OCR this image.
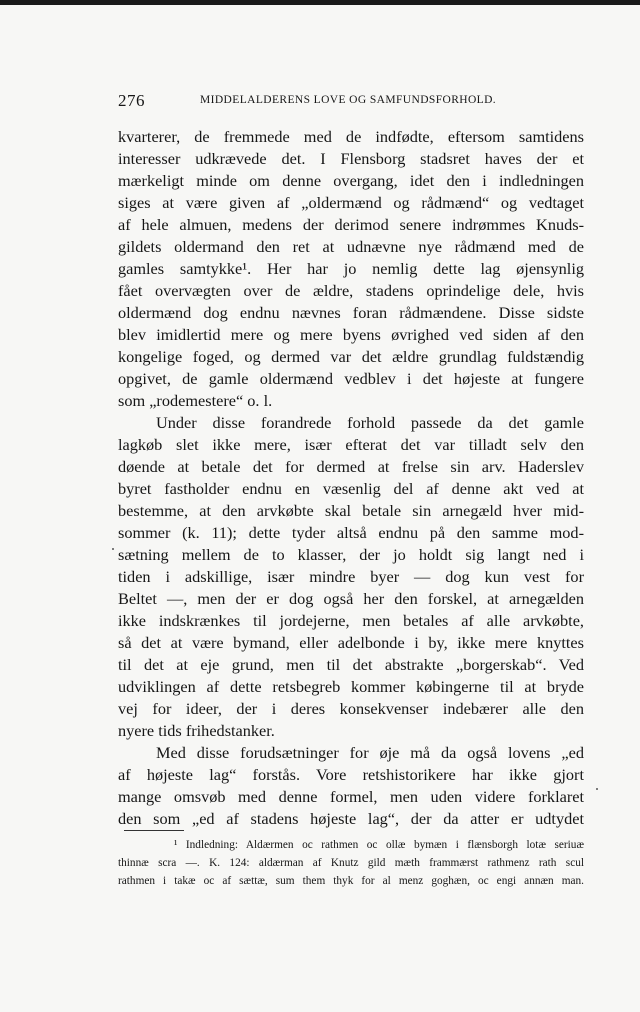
276	MIDDELALDERENS LOVE OG SAMFUNDSFORHOLD.
kvarterer, de fremmede med de indfødte, eftersom samtidens
interesser udkrævede det. I Flensborg stadsret haves der et
mærkeligt minde om denne overgang, idet den i indledningen
siges at være given af „oldermænd og rådmænd“ og vedtaget
af hele almuen, medens der derimod senere indrømmes Knuds-
gildets oldermand den ret at udnævne nye rådmænd med de
gamles samtykke¹. Her har jo nemlig dette lag øjensynlig
fået overvægten over de ældre, stadens oprindelige dele, hvis
oldermænd dog endnu nævnes foran rådmændene. Disse sidste
blev imidlertid mere og mere byens øvrighed ved siden af den
kongelige foged, og dermed var det ældre grundlag fuldstændig
opgivet, de gamle oldermænd vedblev i det højeste at fungere
som „rodemestere“ o. l.
Under disse forandrede forhold passede da det gamle
lagkøb slet ikke mere, især efterat det var tilladt selv den
døende at betale det for dermed at frelse sin arv. Haderslev
byret fastholder endnu en væsenlig del af denne akt ved at
bestemme, at den arvkøbte skal betale sin arnegæld hver mid-
sommer (k. 11); dette tyder altså endnu på den samme mod-
sætning mellem de to klasser, der jo holdt sig langt ned i
tiden i adskillige, især mindre byer — dog kun vest for
Beltet —, men der er dog også her den forskel, at arnegælden
ikke indskrænkes til jordejerne, men betales af alle arvkøbte,
så det at være bymand, eller adelbonde i by, ikke mere knyttes
til det at eje grund, men til det abstrakte „borgerskab“. Ved
udviklingen af dette retsbegreb kommer købingerne til at bryde
vej for ideer, der i deres konsekvenser indebærer alle den
nyere tids frihedstanker.
Med disse forudsætninger for øje må da også lovens „ed
af højeste lag“ forstås. Vore retshistorikere har ikke gjort
mange omsvøb med denne formel, men uden videre forklaret
den som „ed af stadens højeste lag“, der da atter er udtydet
¹ Indledning: Aldærmen oc rathmen oc ollæ bymæn i flænsborgh lotæ seriuæ
thinnæ scra —. K. 124: aldærman af Knutz gild mæth frammærst rathmenz rath scul
rathmen i takæ oc af sættæ, sum them thyk for al menz goghæn, oc engi annæn man.
